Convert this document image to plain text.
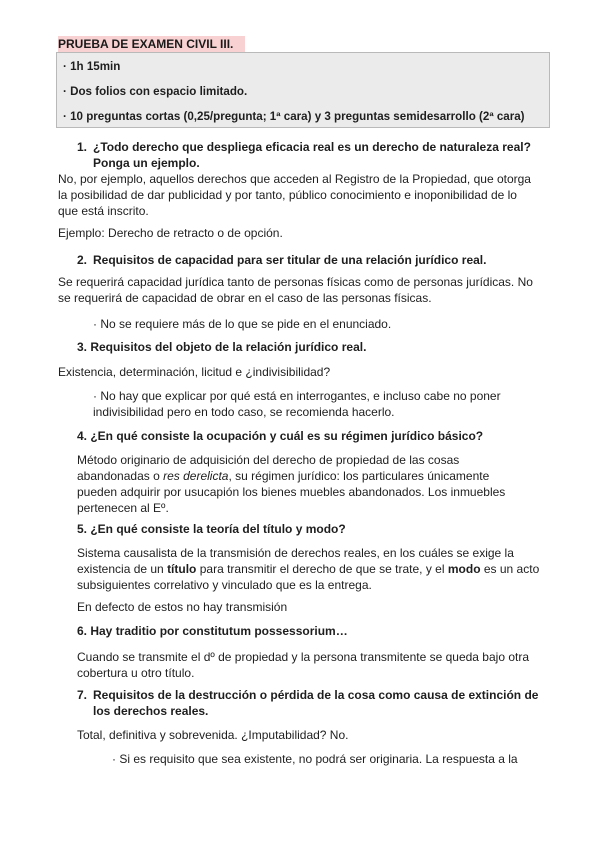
PRUEBA DE EXAMEN CIVIL III.
· 1h 15min
· Dos folios con espacio limitado.
· 10 preguntas cortas (0,25/pregunta; 1ª cara) y 3 preguntas semidesarrollo (2ª cara)
1. ¿Todo derecho que despliega eficacia real es un derecho de naturaleza real?
Ponga un ejemplo.
No, por ejemplo, aquellos derechos que acceden al Registro de la Propiedad, que otorga
la posibilidad de dar publicidad y por tanto, público conocimiento e inoponibilidad de lo
que está inscrito.
Ejemplo: Derecho de retracto o de opción.
2. Requisitos de capacidad para ser titular de una relación jurídico real.
Se requerirá capacidad jurídica tanto de personas físicas como de personas jurídicas. No
se requerirá de capacidad de obrar en el caso de las personas físicas.
· No se requiere más de lo que se pide en el enunciado.
3. Requisitos del objeto de la relación jurídico real.
Existencia, determinación, licitud e ¿indivisibilidad?
· No hay que explicar por qué está en interrogantes, e incluso cabe no poner
indivisibilidad pero en todo caso, se recomienda hacerlo.
4. ¿En qué consiste la ocupación y cuál es su régimen jurídico básico?
Método originario de adquisición del derecho de propiedad de las cosas
abandonadas o res derelicta, su régimen jurídico: los particulares únicamente
pueden adquirir por usucapión los bienes muebles abandonados. Los inmuebles
pertenecen al Eº.
5. ¿En qué consiste la teoría del título y modo?
Sistema causalista de la transmisión de derechos reales, en los cuáles se exige la
existencia de un título para transmitir el derecho de que se trate, y el modo es un acto
subsiguientes correlativo y vinculado que es la entrega.
En defecto de estos no hay transmisión
6. Hay traditio por constitutum possessorium…
Cuando se transmite el dº de propiedad y la persona transmitente se queda bajo otra
cobertura u otro título.
7. Requisitos de la destrucción o pérdida de la cosa como causa de extinción de
los derechos reales.
Total, definitiva y sobrevenida. ¿Imputabilidad? No.
· Si es requisito que sea existente, no podrá ser originaria. La respuesta a la
